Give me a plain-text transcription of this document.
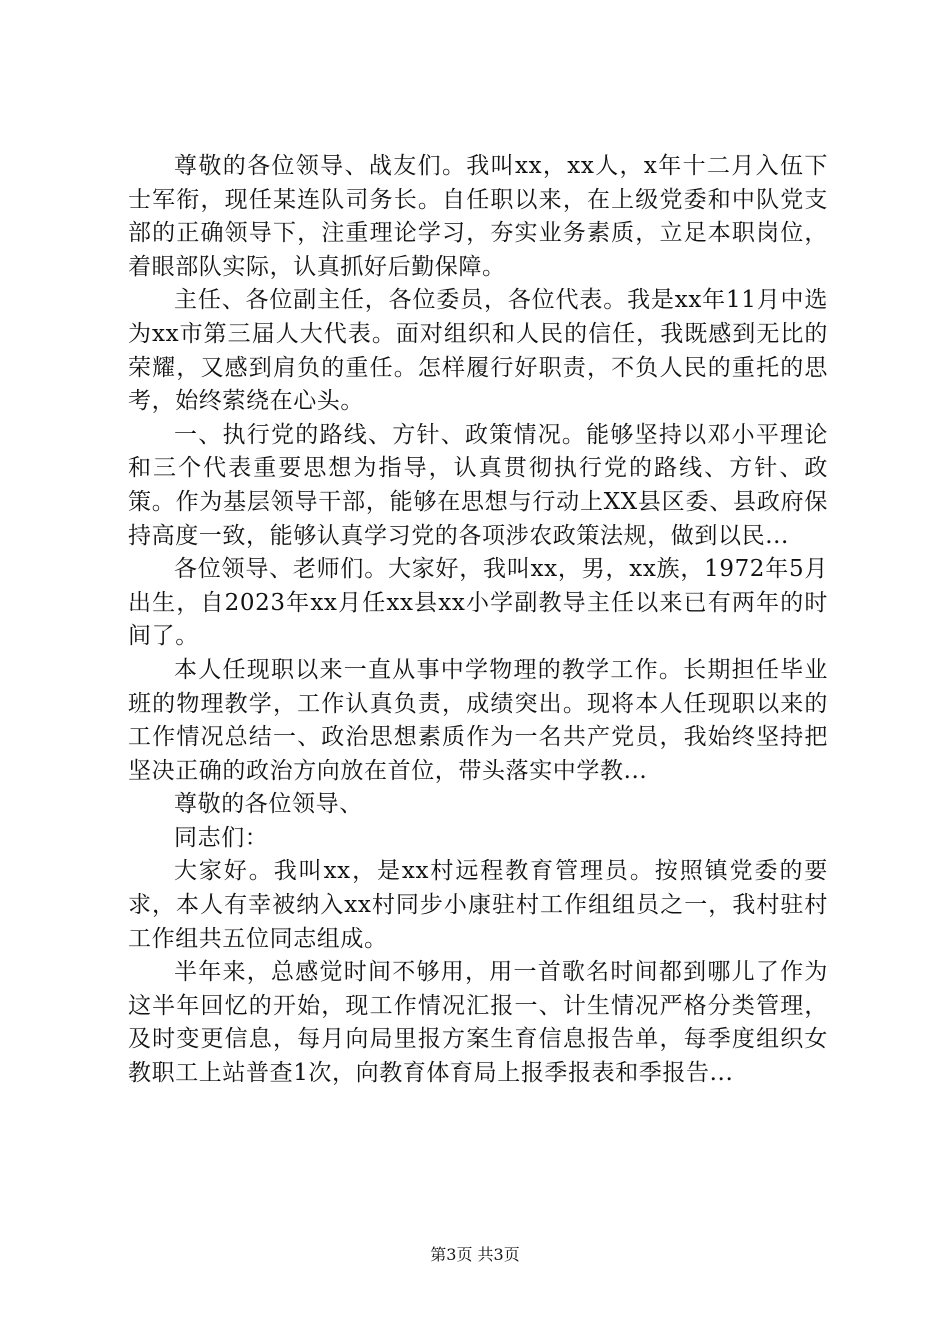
尊敬的各位领导、战友们。我叫xx，xx人，x年十二月入伍下士军衔，现任某连队司务长。自任职以来，在上级党委和中队党支部的正确领导下，注重理论学习，夯实业务素质，立足本职岗位，着眼部队实际，认真抓好后勤保障。

主任、各位副主任，各位委员，各位代表。我是xx年11月中选为xx市第三届人大代表。面对组织和人民的信任，我既感到无比的荣耀，又感到肩负的重任。怎样履行好职责，不负人民的重托的思考，始终萦绕在心头。

一、执行党的路线、方针、政策情况。能够坚持以邓小平理论和三个代表重要思想为指导，认真贯彻执行党的路线、方针、政策。作为基层领导干部，能够在思想与行动上XX县区委、县政府保持高度一致，能够认真学习党的各项涉农政策法规，做到以民...

各位领导、老师们。大家好，我叫xx，男，xx族，1972年5月出生，自2023年xx月任xx县xx小学副教导主任以来已有两年的时间了。

本人任现职以来一直从事中学物理的教学工作。长期担任毕业班的物理教学，工作认真负责，成绩突出。现将本人任现职以来的工作情况总结一、政治思想素质作为一名共产党员，我始终坚持把坚决正确的政治方向放在首位，带头落实中学教...

尊敬的各位领导、

同志们：

大家好。我叫xx，是xx村远程教育管理员。按照镇党委的要求，本人有幸被纳入xx村同步小康驻村工作组组员之一，我村驻村工作组共五位同志组成。

半年来，总感觉时间不够用，用一首歌名时间都到哪儿了作为这半年回忆的开始，现工作情况汇报一、计生情况严格分类管理，及时变更信息，每月向局里报方案生育信息报告单，每季度组织女教职工上站普查1次，向教育体育局上报季报表和季报告...

第3页 共3页
